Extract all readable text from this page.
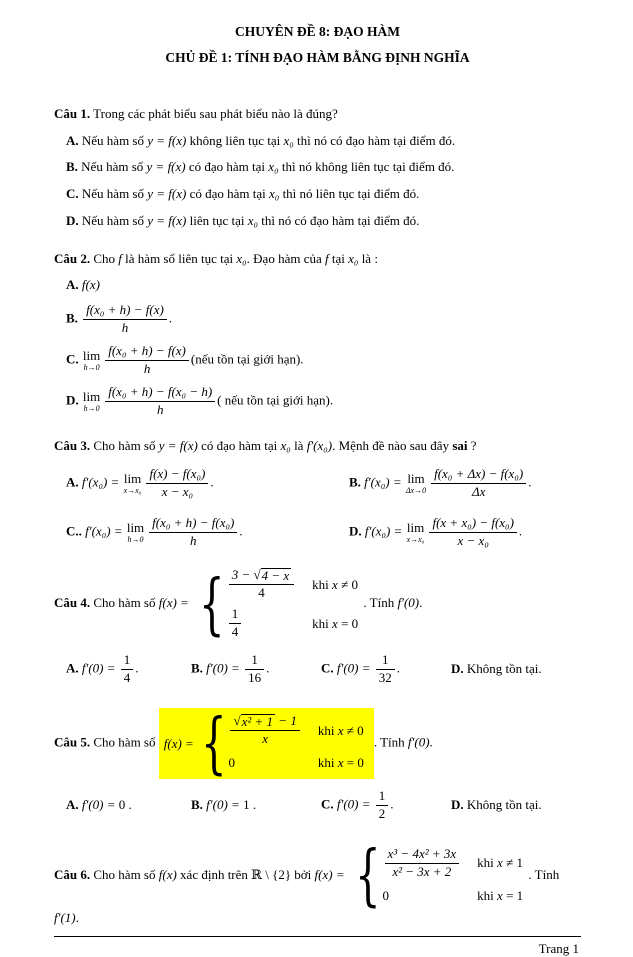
CHUYÊN ĐỀ 8: ĐẠO HÀM
CHỦ ĐỀ 1: TÍNH ĐẠO HÀM BẰNG ĐỊNH NGHĨA
Câu 1. Trong các phát biểu sau phát biểu nào là đúng?
A. Nếu hàm số y = f(x) không liên tục tại x₀ thì nó có đạo hàm tại điểm đó.
B. Nếu hàm số y = f(x) có đạo hàm tại x₀ thì nó không liên tục tại điểm đó.
C. Nếu hàm số y = f(x) có đạo hàm tại x₀ thì nó liên tục tại điểm đó.
D. Nếu hàm số y = f(x) liên tục tại x₀ thì nó có đạo hàm tại điểm đó.
Câu 2. Cho f là hàm số liên tục tại x₀. Đạo hàm của f tại x₀ là :
A. f(x)
B. $\frac{\text{f(x₀ + h) − f(x)}}{h}$ .
C. lim
$h\to 0 \frac{\text{f(x₀ + h) − f(x)}}{h}$ (nếu tồn tại giới hạn).
D. lim
$h\to 0 \frac{\text{f(x₀ + h) − f(x₀ − h)}}{h}$ ( nếu tồn tại giới hạn).
Câu 3. Cho hàm số y = f(x) có đạo hàm tại x₀ là f′(x₀). Mệnh đề nào sau đây sai ?
A. f′(x₀) = lim
$x\to x_0 \frac{\text{f(x) − f(x₀)}}{\text{x − x₀}}$ .	B. f′(x₀) = lim
$\Delta x\to 0 \frac{\text{f(x₀ + Δx) − f(x₀)}}{\Delta x}$ .
C.. f′(x₀) = lim
$h\to 0 \frac{\text{f(x₀ + h) − f(x₀)}}{h}$ .	D. f′(x₀) = lim
$x\to x_0 \frac{\text{f(x + x₀) − f(x₀)}}{\text{x − x₀}}$ .
Câu 4. Cho hàm số f(x) = { $\frac{3 - √ 4 - x}{4}$	khi x ≠ 0

$\frac{1}{4}$	khi x = 0
. Tính f′(0).
A. $f'(0) = \frac{1}{4}$ .	B. $f'(0) = \frac{1}{16}$ .	C. $f'(0) = \frac{1}{32}$ .	D. Không tồn tại.
Câu 5. Cho hàm số f(x) = { $\frac{\text{√ x² + 1 − 1}}{x}$	khi x ≠ 0
0	khi x = 0
. Tính f′(0).
A. f′(0) = 0 .	B. f′(0) = 1 .	C. $f'(0) = \frac{1}{2}$ .	D. Không tồn tại.
Câu 6. Cho hàm số f(x) xác định trên ℝ \ {2} bởi f(x) = { $\frac{\text{x³ − 4x² + 3x}}{\text{x² − 3x + 2}}$	khi x ≠ 1
0	khi x = 1
. Tính f′(1).
Trang 1
